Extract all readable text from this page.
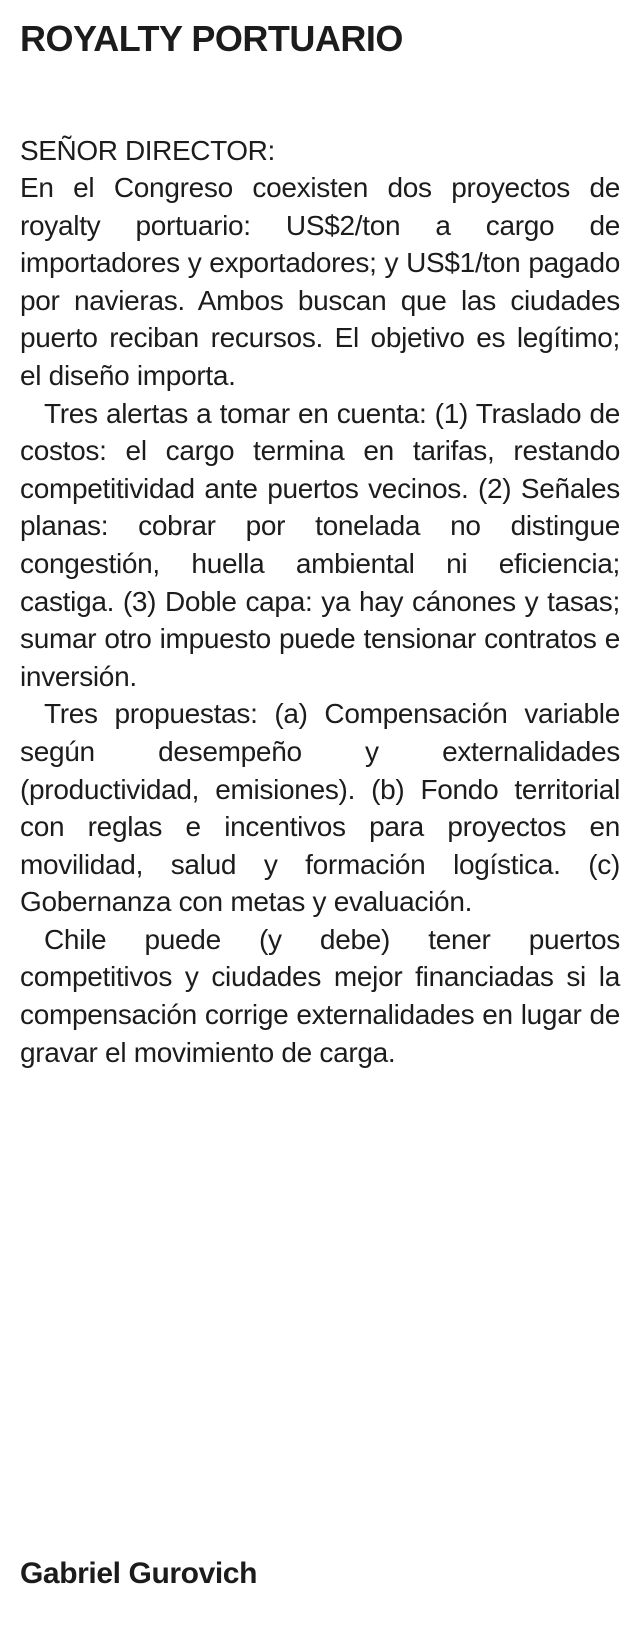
ROYALTY PORTUARIO
SEÑOR DIRECTOR:

En el Congreso coexisten dos proyectos de royalty portuario: US$2/ton a cargo de importadores y exportadores; y US$1/ton pagado por navieras. Ambos buscan que las ciudades puerto reciban recursos. El objetivo es legítimo; el diseño importa.

Tres alertas a tomar en cuenta: (1) Traslado de costos: el cargo termina en tarifas, restando competitividad ante puertos vecinos. (2) Señales planas: cobrar por tonelada no distingue congestión, huella ambiental ni eficiencia; castiga. (3) Doble capa: ya hay cánones y tasas; sumar otro impuesto puede tensionar contratos e inversión.

Tres propuestas: (a) Compensación variable según desempeño y externalidades (productividad, emisiones). (b) Fondo territorial con reglas e incentivos para proyectos en movilidad, salud y formación logística. (c) Gobernanza con metas y evaluación.

Chile puede (y debe) tener puertos competitivos y ciudades mejor financiadas si la compensación corrige externalidades en lugar de gravar el movimiento de carga.

Gabriel Gurovich
